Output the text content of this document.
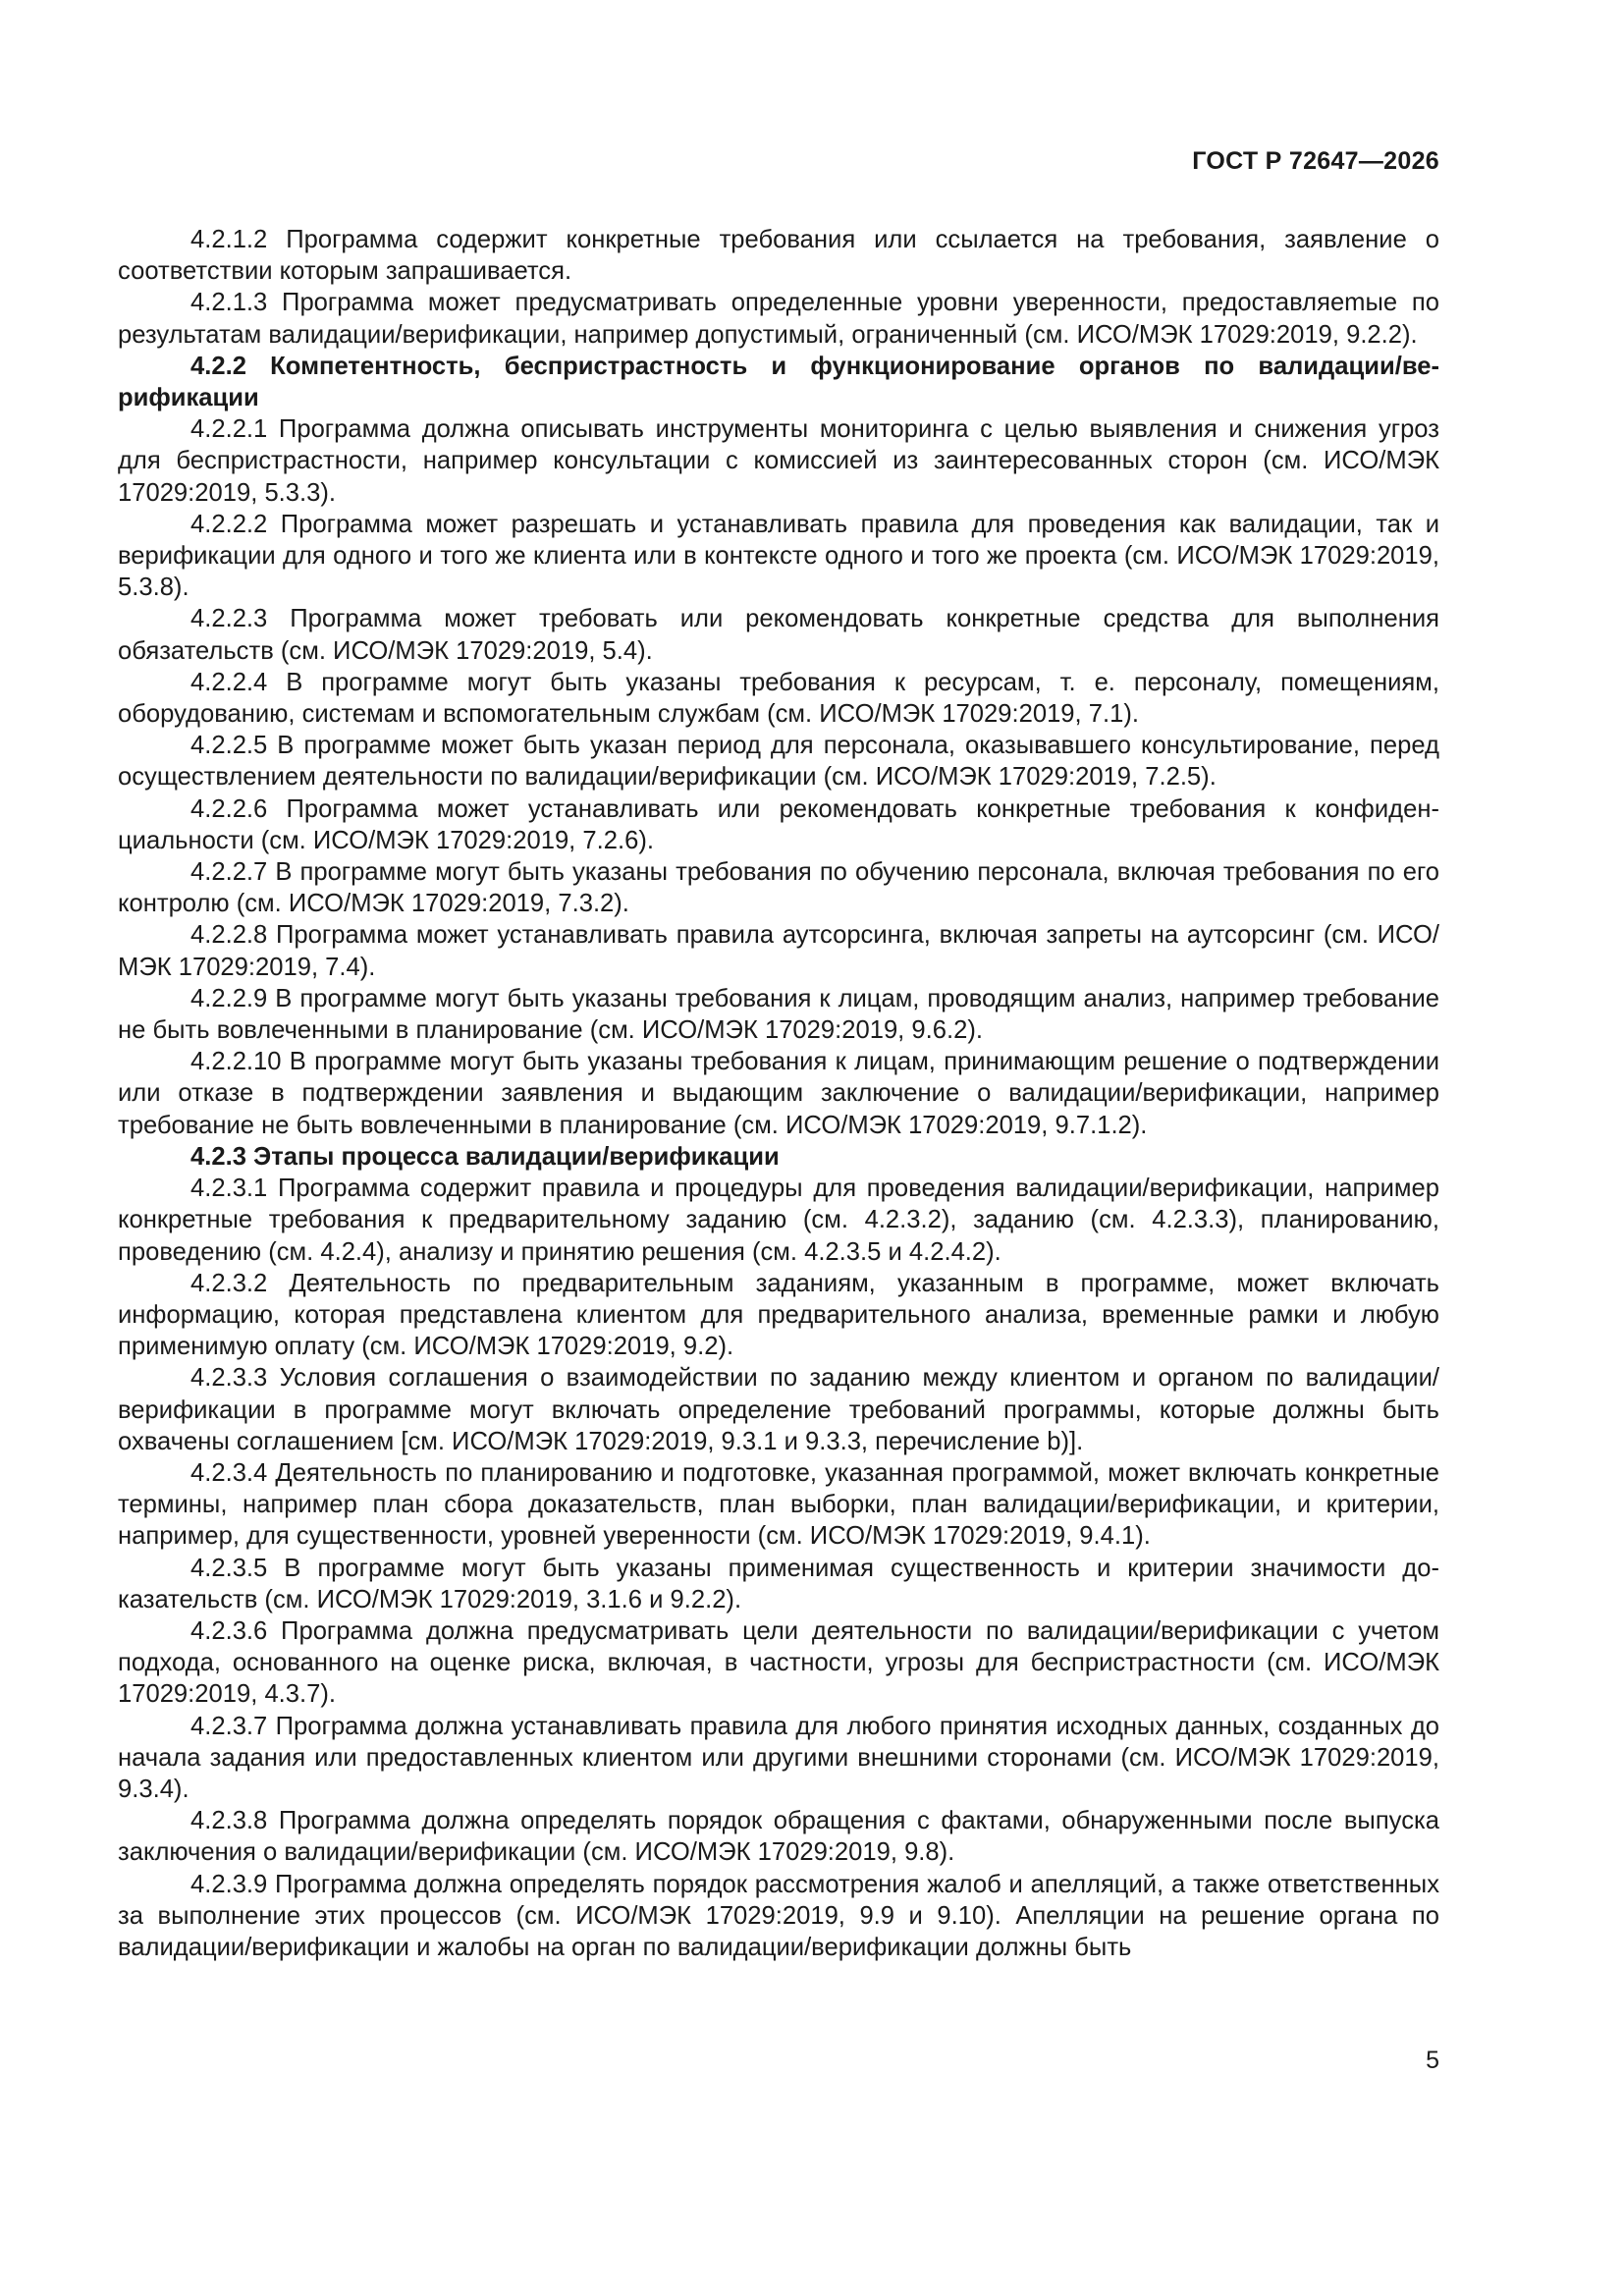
ГОСТ Р 72647—2026

4.2.1.2 Программа содержит конкретные требования или ссылается на требования, заявление о соответствии которым запрашивается.

4.2.1.3 Программа может предусматривать определенные уровни уверенности, предоставляemые по результатам валидации/верификации, например допустимый, ограниченный (см. ИСО/МЭК 17029:2019, 9.2.2).

4.2.2 Компетентность, беспристрастность и функционирование органов по валидации/верификации

4.2.2.1 Программа должна описывать инструменты мониторинга с целью выявления и снижения угроз для беспристрастности, например консультации с комиссией из заинтересованных сторон (см. ИСО/МЭК 17029:2019, 5.3.3).

4.2.2.2 Программа может разрешать и устанавливать правила для проведения как валидации, так и верификации для одного и того же клиента или в контексте одного и того же проекта (см. ИСО/МЭК 17029:2019, 5.3.8).

4.2.2.3 Программа может требовать или рекомендовать конкретные средства для выполнения обязательств (см. ИСО/МЭК 17029:2019, 5.4).

4.2.2.4 В программе могут быть указаны требования к ресурсам, т. е. персоналу, помещениям, оборудованию, системам и вспомогательным службам (см. ИСО/МЭК 17029:2019, 7.1).

4.2.2.5 В программе может быть указан период для персонала, оказывавшего консультирование, перед осуществлением деятельности по валидации/верификации (см. ИСО/МЭК 17029:2019, 7.2.5).

4.2.2.6 Программа может устанавливать или рекомендовать конкретные требования к конфиденциальности (см. ИСО/МЭК 17029:2019, 7.2.6).

4.2.2.7 В программе могут быть указаны требования по обучению персонала, включая требования по его контролю (см. ИСО/МЭК 17029:2019, 7.3.2).

4.2.2.8 Программа может устанавливать правила аутсорсинга, включая запреты на аутсорсинг (см. ИСО/МЭК 17029:2019, 7.4).

4.2.2.9 В программе могут быть указаны требования к лицам, проводящим анализ, например требование не быть вовлеченными в планирование (см. ИСО/МЭК 17029:2019, 9.6.2).

4.2.2.10 В программе могут быть указаны требования к лицам, принимающим решение о подтверждении или отказе в подтверждении заявления и выдающим заключение о валидации/верификации, например требование не быть вовлеченными в планирование (см. ИСО/МЭК 17029:2019, 9.7.1.2).

4.2.3 Этапы процесса валидации/верификации

4.2.3.1 Программа содержит правила и процедуры для проведения валидации/верификации, например конкретные требования к предварительному заданию (см. 4.2.3.2), заданию (см. 4.2.3.3), планированию, проведению (см. 4.2.4), анализу и принятию решения (см. 4.2.3.5 и 4.2.4.2).

4.2.3.2 Деятельность по предварительным заданиям, указанным в программе, может включать информацию, которая представлена клиентом для предварительного анализа, временные рамки и любую применимую оплату (см. ИСО/МЭК 17029:2019, 9.2).

4.2.3.3 Условия соглашения о взаимодействии по заданию между клиентом и органом по валидации/верификации в программе могут включать определение требований программы, которые должны быть охвачены соглашением [см. ИСО/МЭК 17029:2019, 9.3.1 и 9.3.3, перечисление b)].

4.2.3.4 Деятельность по планированию и подготовке, указанная программой, может включать конкретные термины, например план сбора доказательств, план выборки, план валидации/верификации, и критерии, например, для существенности, уровней уверенности (см. ИСО/МЭК 17029:2019, 9.4.1).

4.2.3.5 В программе могут быть указаны применимая существенность и критерии значимости доказательств (см. ИСО/МЭК 17029:2019, 3.1.6 и 9.2.2).

4.2.3.6 Программа должна предусматривать цели деятельности по валидации/верификации с учетом подхода, основанного на оценке риска, включая, в частности, угрозы для беспристрастности (см. ИСО/МЭК 17029:2019, 4.3.7).

4.2.3.7 Программа должна устанавливать правила для любого принятия исходных данных, созданных до начала задания или предоставленных клиентом или другими внешними сторонами (см. ИСО/МЭК 17029:2019, 9.3.4).

4.2.3.8 Программа должна определять порядок обращения с фактами, обнаруженными после выпуска заключения о валидации/верификации (см. ИСО/МЭК 17029:2019, 9.8).

4.2.3.9 Программа должна определять порядок рассмотрения жалоб и апелляций, а также ответственных за выполнение этих процессов (см. ИСО/МЭК 17029:2019, 9.9 и 9.10). Апелляции на решение органа по валидации/верификации и жалобы на орган по валидации/верификации должны быть

5
